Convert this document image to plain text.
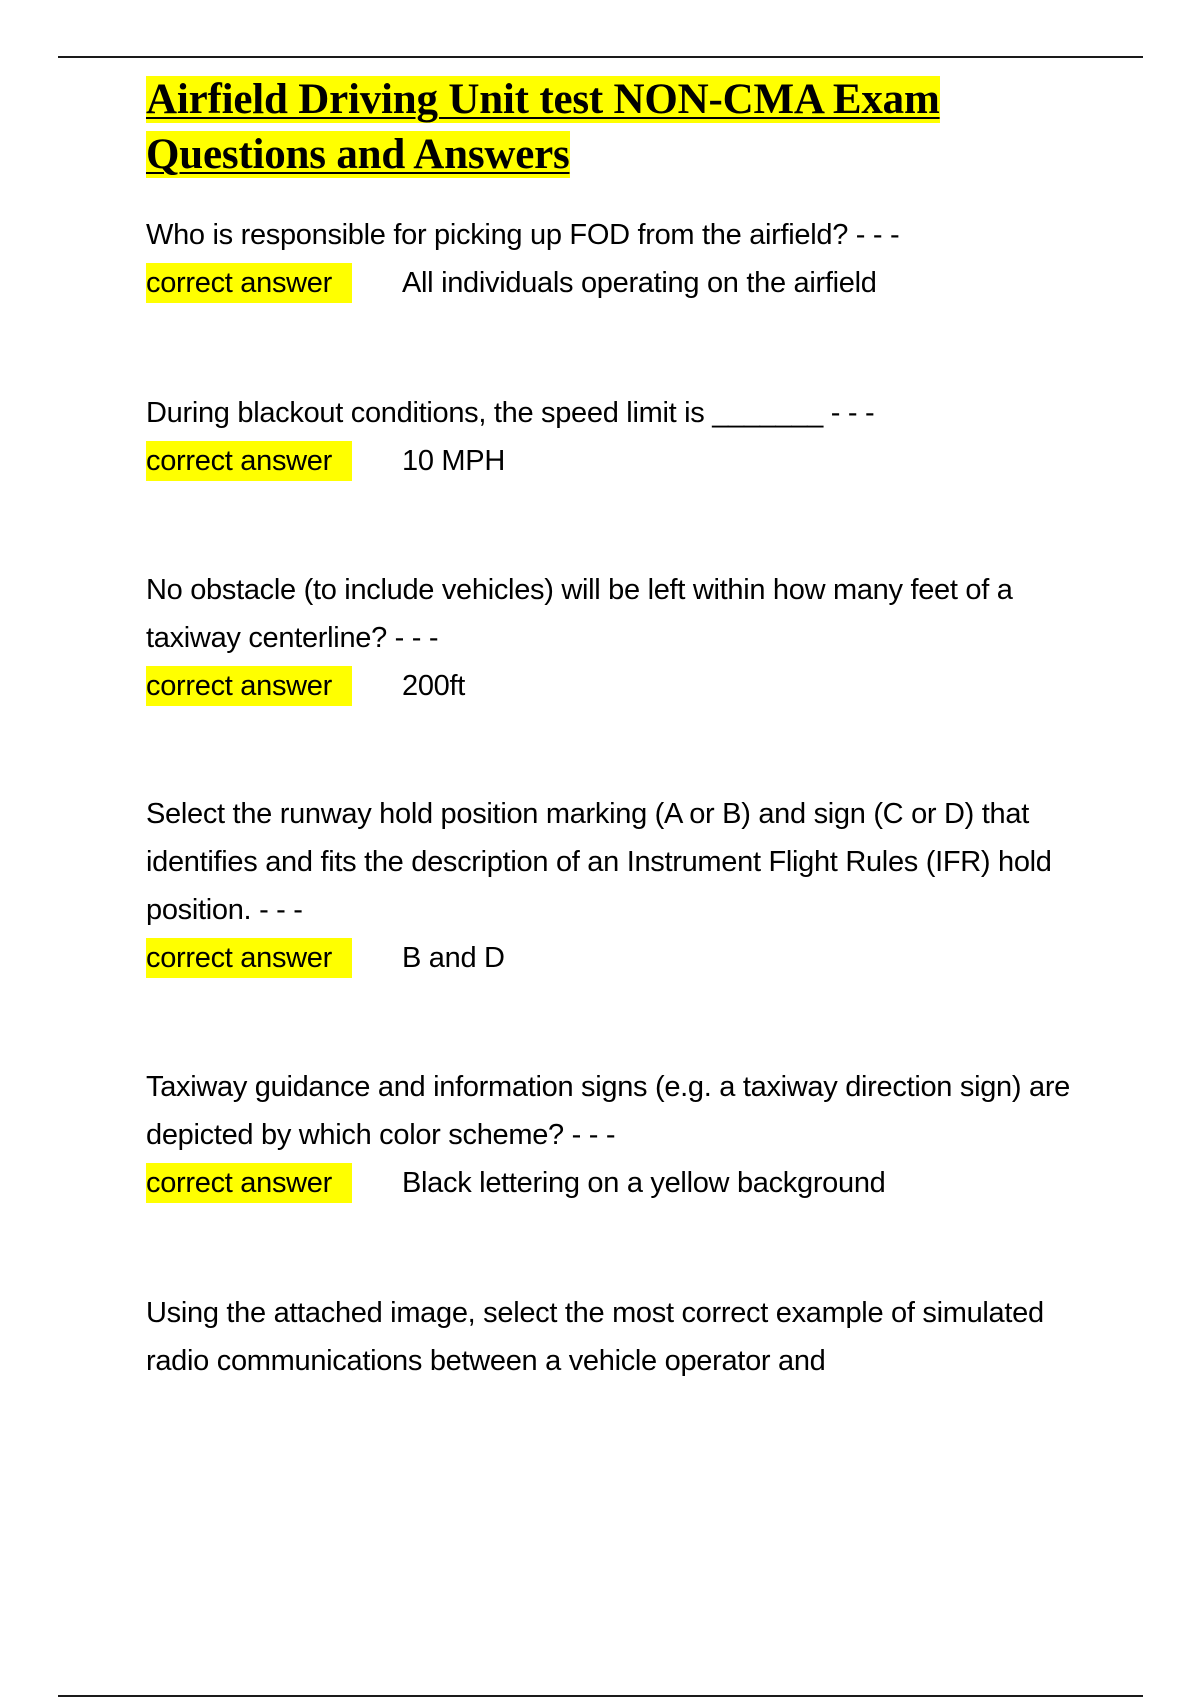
Airfield Driving Unit test NON-CMA Exam Questions and Answers
Who is responsible for picking up FOD from the airfield? - - -
correct answer All individuals operating on the airfield
During blackout conditions, the speed limit is _______ - - -
correct answer 10 MPH
No obstacle (to include vehicles) will be left within how many feet of a taxiway centerline? - - -
correct answer 200ft
Select the runway hold position marking (A or B) and sign (C or D) that identifies and fits the description of an Instrument Flight Rules (IFR) hold position. - - -
correct answer B and D
Taxiway guidance and information signs (e.g. a taxiway direction sign) are depicted by which color scheme? - - -
correct answer Black lettering on a yellow background
Using the attached image, select the most correct example of simulated radio communications between a vehicle operator and
